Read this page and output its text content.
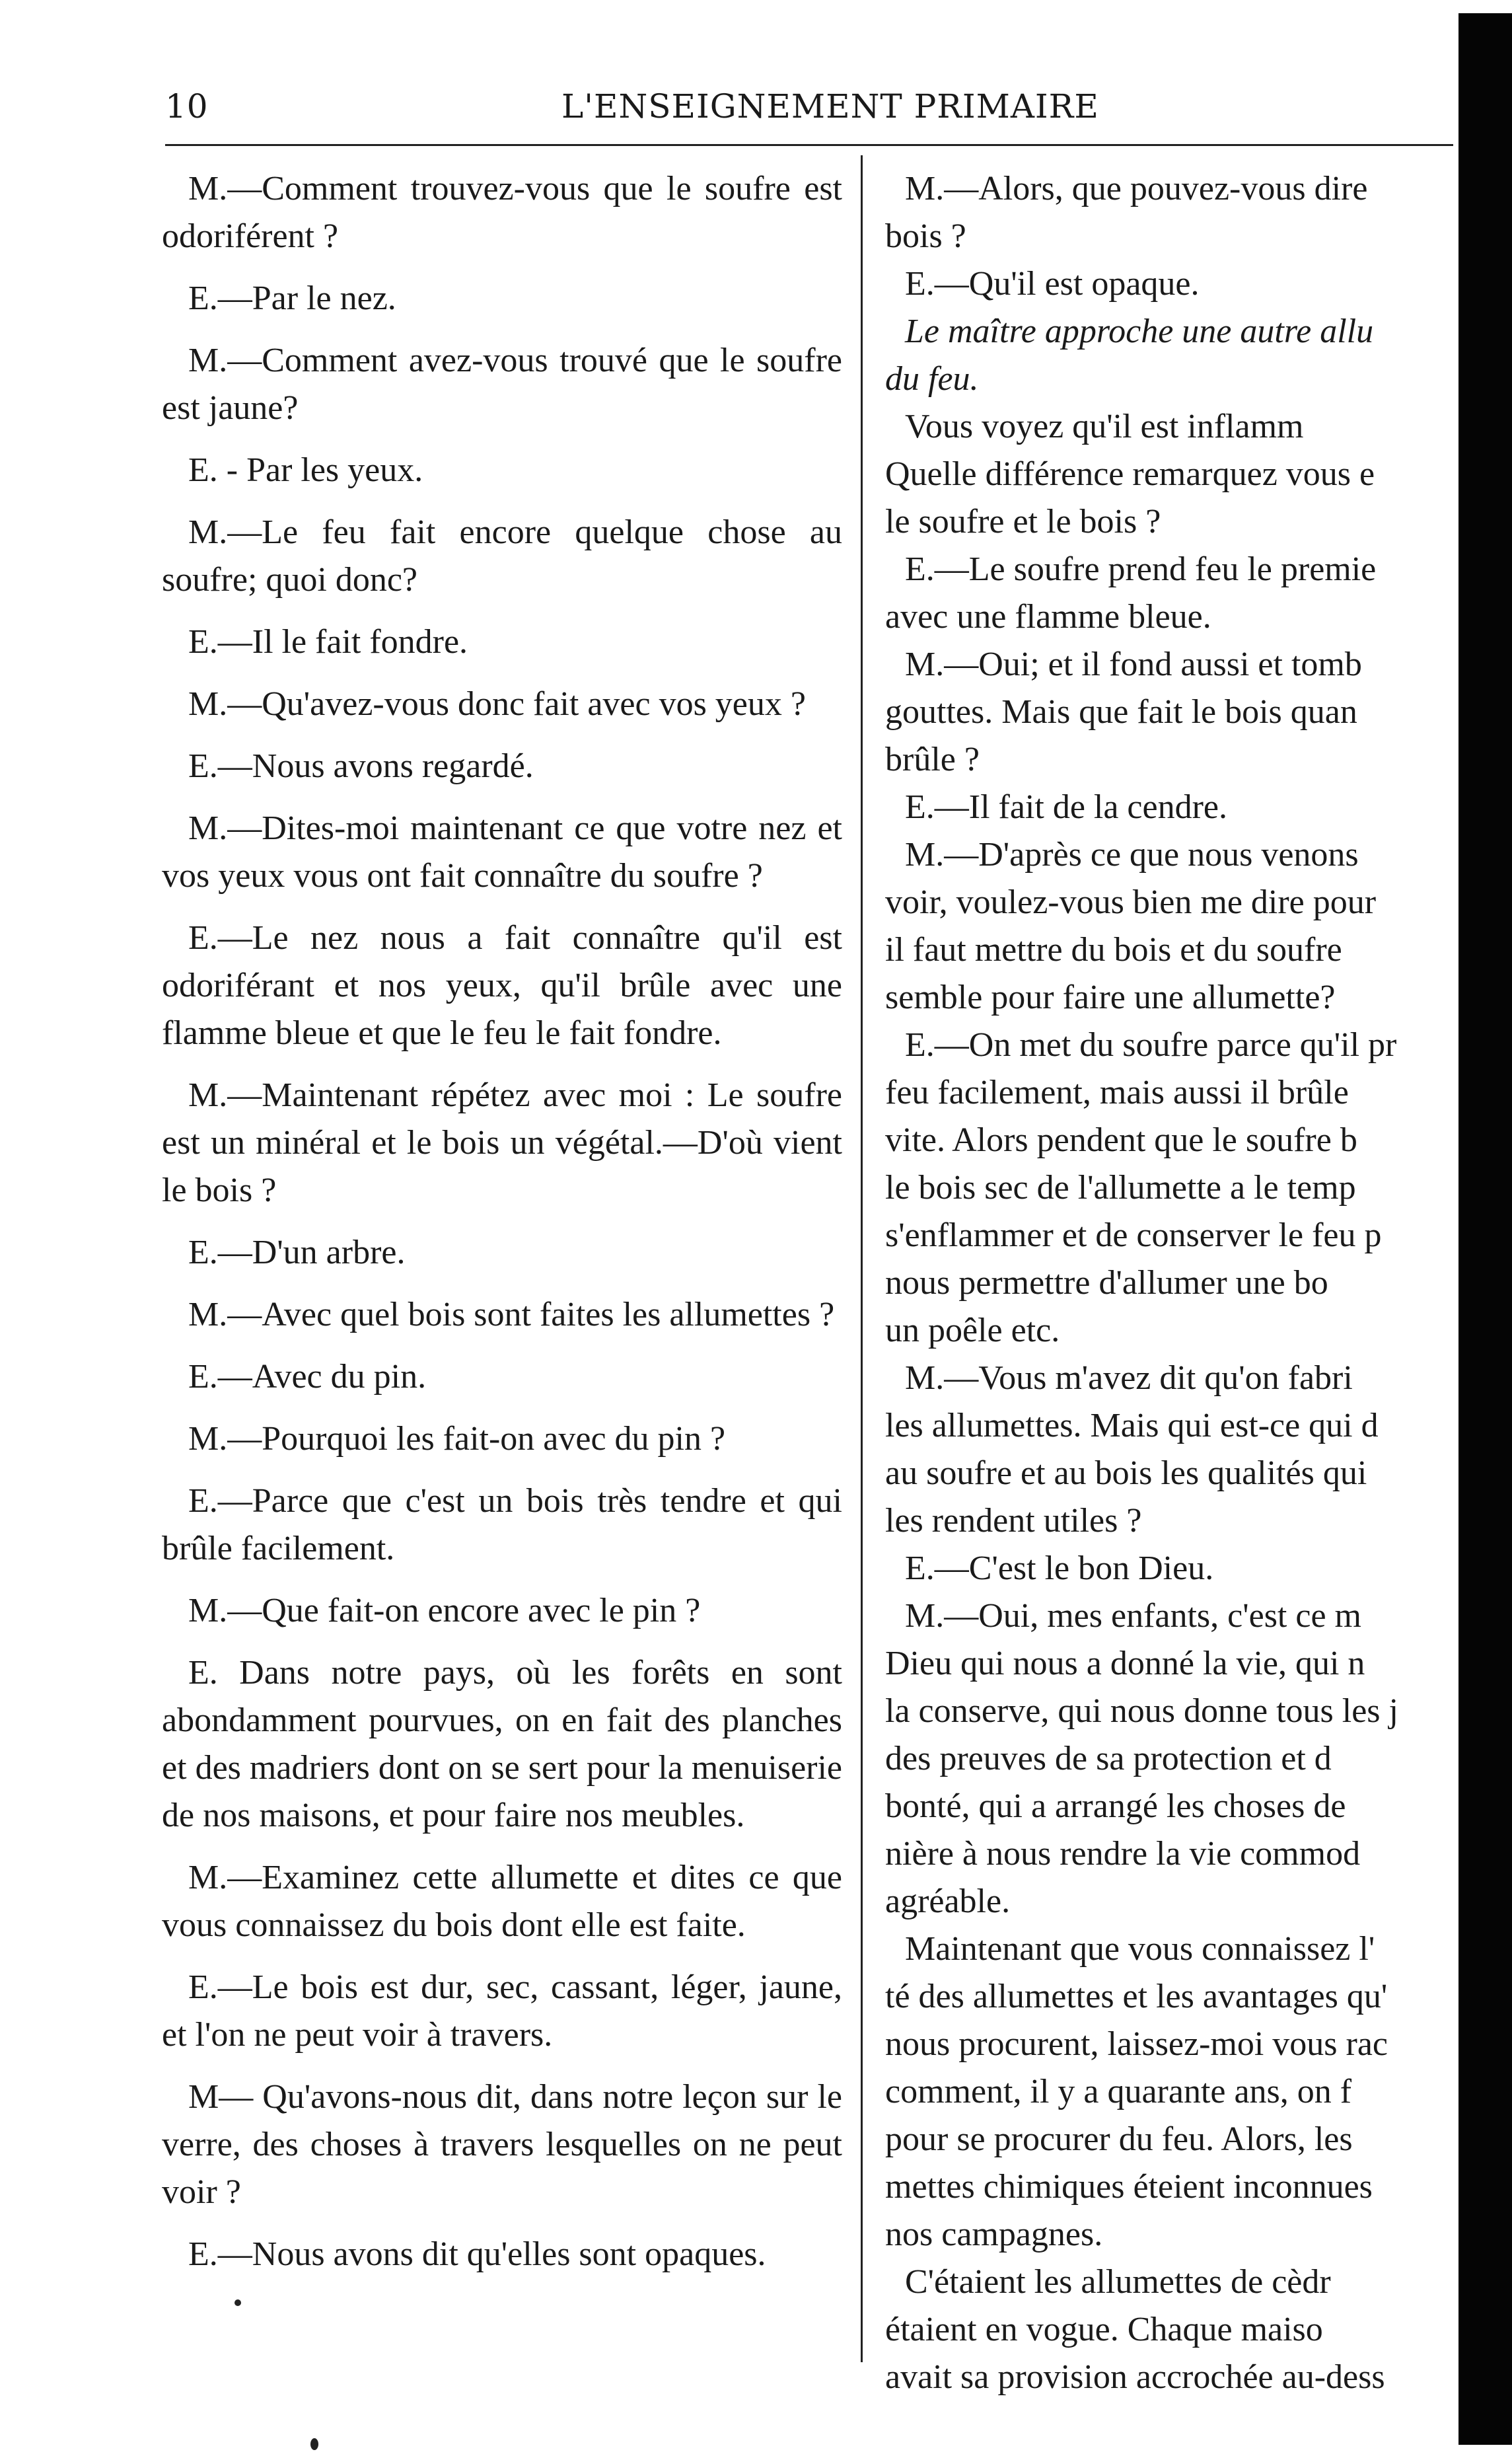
10	L'ENSEIGNEMENT PRIMAIRE

M.—Comment trouvez-vous que le soufre est odoriférent ?

E.—Par le nez.

M.—Comment avez-vous trouvé que le soufre est jaune?

E. - Par les yeux.

M.—Le feu fait encore quelque chose au soufre; quoi donc?

E.—Il le fait fondre.

M.—Qu'avez-vous donc fait avec vos yeux ?

E.—Nous avons regardé.

M.—Dites-moi maintenant ce que votre nez et vos yeux vous ont fait connaître du soufre ?

E.—Le nez nous a fait connaître qu'il est odoriférant et nos yeux, qu'il brûle avec une flamme bleue et que le feu le fait fondre.

M.—Maintenant répétez avec moi : Le soufre est un minéral et le bois un végétal.—D'où vient le bois ?

E.—D'un arbre.

M.—Avec quel bois sont faites les allumettes ?

E.—Avec du pin.

M.—Pourquoi les fait-on avec du pin ?

E.—Parce que c'est un bois très tendre et qui brûle facilement.

M.—Que fait-on encore avec le pin ?

E. Dans notre pays, où les forêts en sont abondamment pourvues, on en fait des planches et des madriers dont on se sert pour la menuiserie de nos maisons, et pour faire nos meubles.

M.—Examinez cette allumette et dites ce que vous connaissez du bois dont elle est faite.

E.—Le bois est dur, sec, cassant, léger, jaune, et l'on ne peut voir à travers.

M— Qu'avons-nous dit, dans notre leçon sur le verre, des choses à travers lesquelles on ne peut voir ?

E.—Nous avons dit qu'elles sont opaques.

M.—Alors, que pouvez-vous dire

bois ?

E.—Qu'il est opaque.

Le maître approche une autre allu

du feu.

Vous voyez qu'il est inflamm

Quelle différence remarquez vous e

le soufre et le bois ?

E.—Le soufre prend feu le premie

avec une flamme bleue.

M.—Oui; et il fond aussi et tomb

gouttes. Mais que fait le bois quan

brûle ?

E.—Il fait de la cendre.

M.—D'après ce que nous venons

voir, voulez-vous bien me dire pour

il faut mettre du bois et du soufre

semble pour faire une allumette?

E.—On met du soufre parce qu'il pr

feu facilement, mais aussi il brûle

vite. Alors pendent que le soufre b

le bois sec de l'allumette a le temp

s'enflammer et de conserver le feu p

nous permettre d'allumer une bo

un poêle etc.

M.—Vous m'avez dit qu'on fabri

les allumettes. Mais qui est-ce qui d

au soufre et au bois les qualités qui

les rendent utiles ?

E.—C'est le bon Dieu.

M.—Oui, mes enfants, c'est ce m

Dieu qui nous a donné la vie, qui n

la conserve, qui nous donne tous les j

des preuves de sa protection et d

bonté, qui a arrangé les choses de

nière à nous rendre la vie commod

agréable.

Maintenant que vous connaissez l'

té des allumettes et les avantages qu'

nous procurent, laissez-moi vous rac

comment, il y a quarante ans, on f

pour se procurer du feu. Alors, les

mettes chimiques éteient inconnues

nos campagnes.

C'étaient les allumettes de cèdr

étaient en vogue. Chaque maiso

avait sa provision accrochée au-dess
